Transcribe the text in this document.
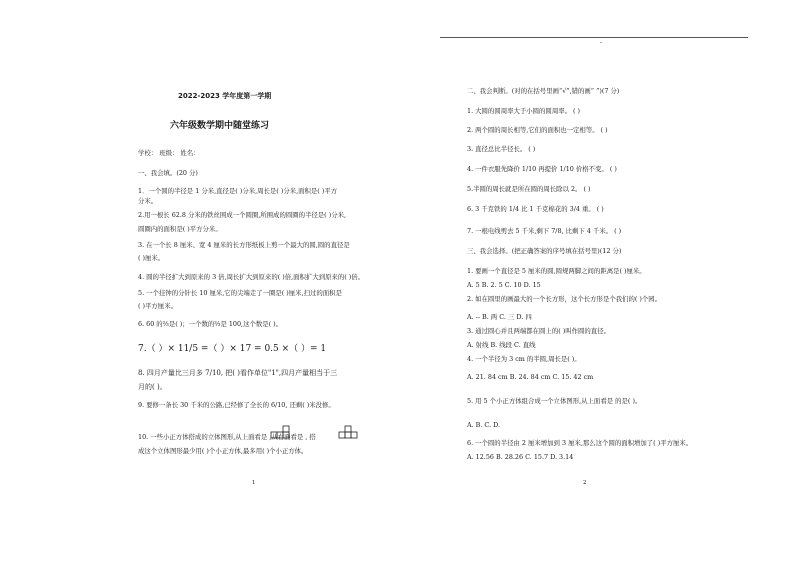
-
2022-2023 学年度第一学期
六年级数学期中随堂练习
学校： 班级： 姓名：
一、我会填。(20 分)
1．一个圆的半径是 1 分米,直径是( )分米,周长是( )分米,面积是( )平方
分米。
2.用一根长 62.8 分米的铁丝围成一个圆圈,所围成的圆圈的半径是( )分米,
圆圈内的面积是( )平方分米。
3. 在一个长 8 厘米、宽 4 厘米的长方形纸板上剪一个最大的圆,圆的直径是
( )厘米。
4. 圆的半径扩大到原来的 3 倍,周长扩大到原来的( )倍,面积扩大到原来的( )倍。
5. 一个挂钟的分针长 10 厘米,它的尖端走了一圈是( )厘米,扫过的面积是
( )平方厘米。
6. 60 的⅔是( )；一个数的⅔是 100,这个数是( )。
7.（ ）× 11/5 =（ ）× 17 = 0.5 ×（ ）= 1
8. 四月产量比三月多 7/10, 把( )看作单位"1",四月产量相当于三
月的( )。
9. 要修一条长 30 千米的公路,已经修了全长的 6/10, 还剩( )米没修。
10. 一些小正方体搭成的立体图形,从上面看是 ,从右面看是 , 搭
成这个立体图形最少用( )个小正方体,最多用( )个小正方体。
1
二、我会判断。(对的在括号里画“√”,错的画“ ”)(7 分)
1. 大圆的圆周率大于小圆的圆周率。 ( )
2. 两个圆的周长相等,它们的面积也一定相等。 ( )
3. 直径总比半径长。 ( )
4. 一件衣服先降价 1/10 再提价 1/10 价格不变。 ( )
5.半圆的周长就是所在圆的周长除以 2。 ( )
6. 3 千克铁的 1/4 比 1 千克棉花的 3/4 重。 ( )
7. 一根电线剪去 5 千米,剩下 7/8, 比剩下 4 千米。 ( )
三、我会选择。(把正确答案的序号填在括号里)(12 分)
1. 要画一个直径是 5 厘米的圆,圆规两脚之间的距离是( )厘米。
A. 5 B. 2. 5 C. 10 D. 15
2. 如在圆里的画最大的一个长方形，这个长方形是个我们的( )个园。
A. -- B. 两 C. 三 D. 四
3. 通过圆心并且两端都在圆上的( )叫作圆的直径。
A. 射线 B. 线段 C. 直线
4. 一个半径为 3 cm 的半圆,周长是( )。
A. 21. 84 cm B. 24. 84 cm C. 15. 42 cm
5. 用 5 个小正方体组合成一个立体图形,从上面看是 的是( )。
A. B. C. D.
6. 一个圆的半径由 2 厘米增加到 3 厘米,那么这个圆的面积增加了( )平方厘米。
A. 12.56 B. 28.26 C. 15.7 D. 3.14
2
